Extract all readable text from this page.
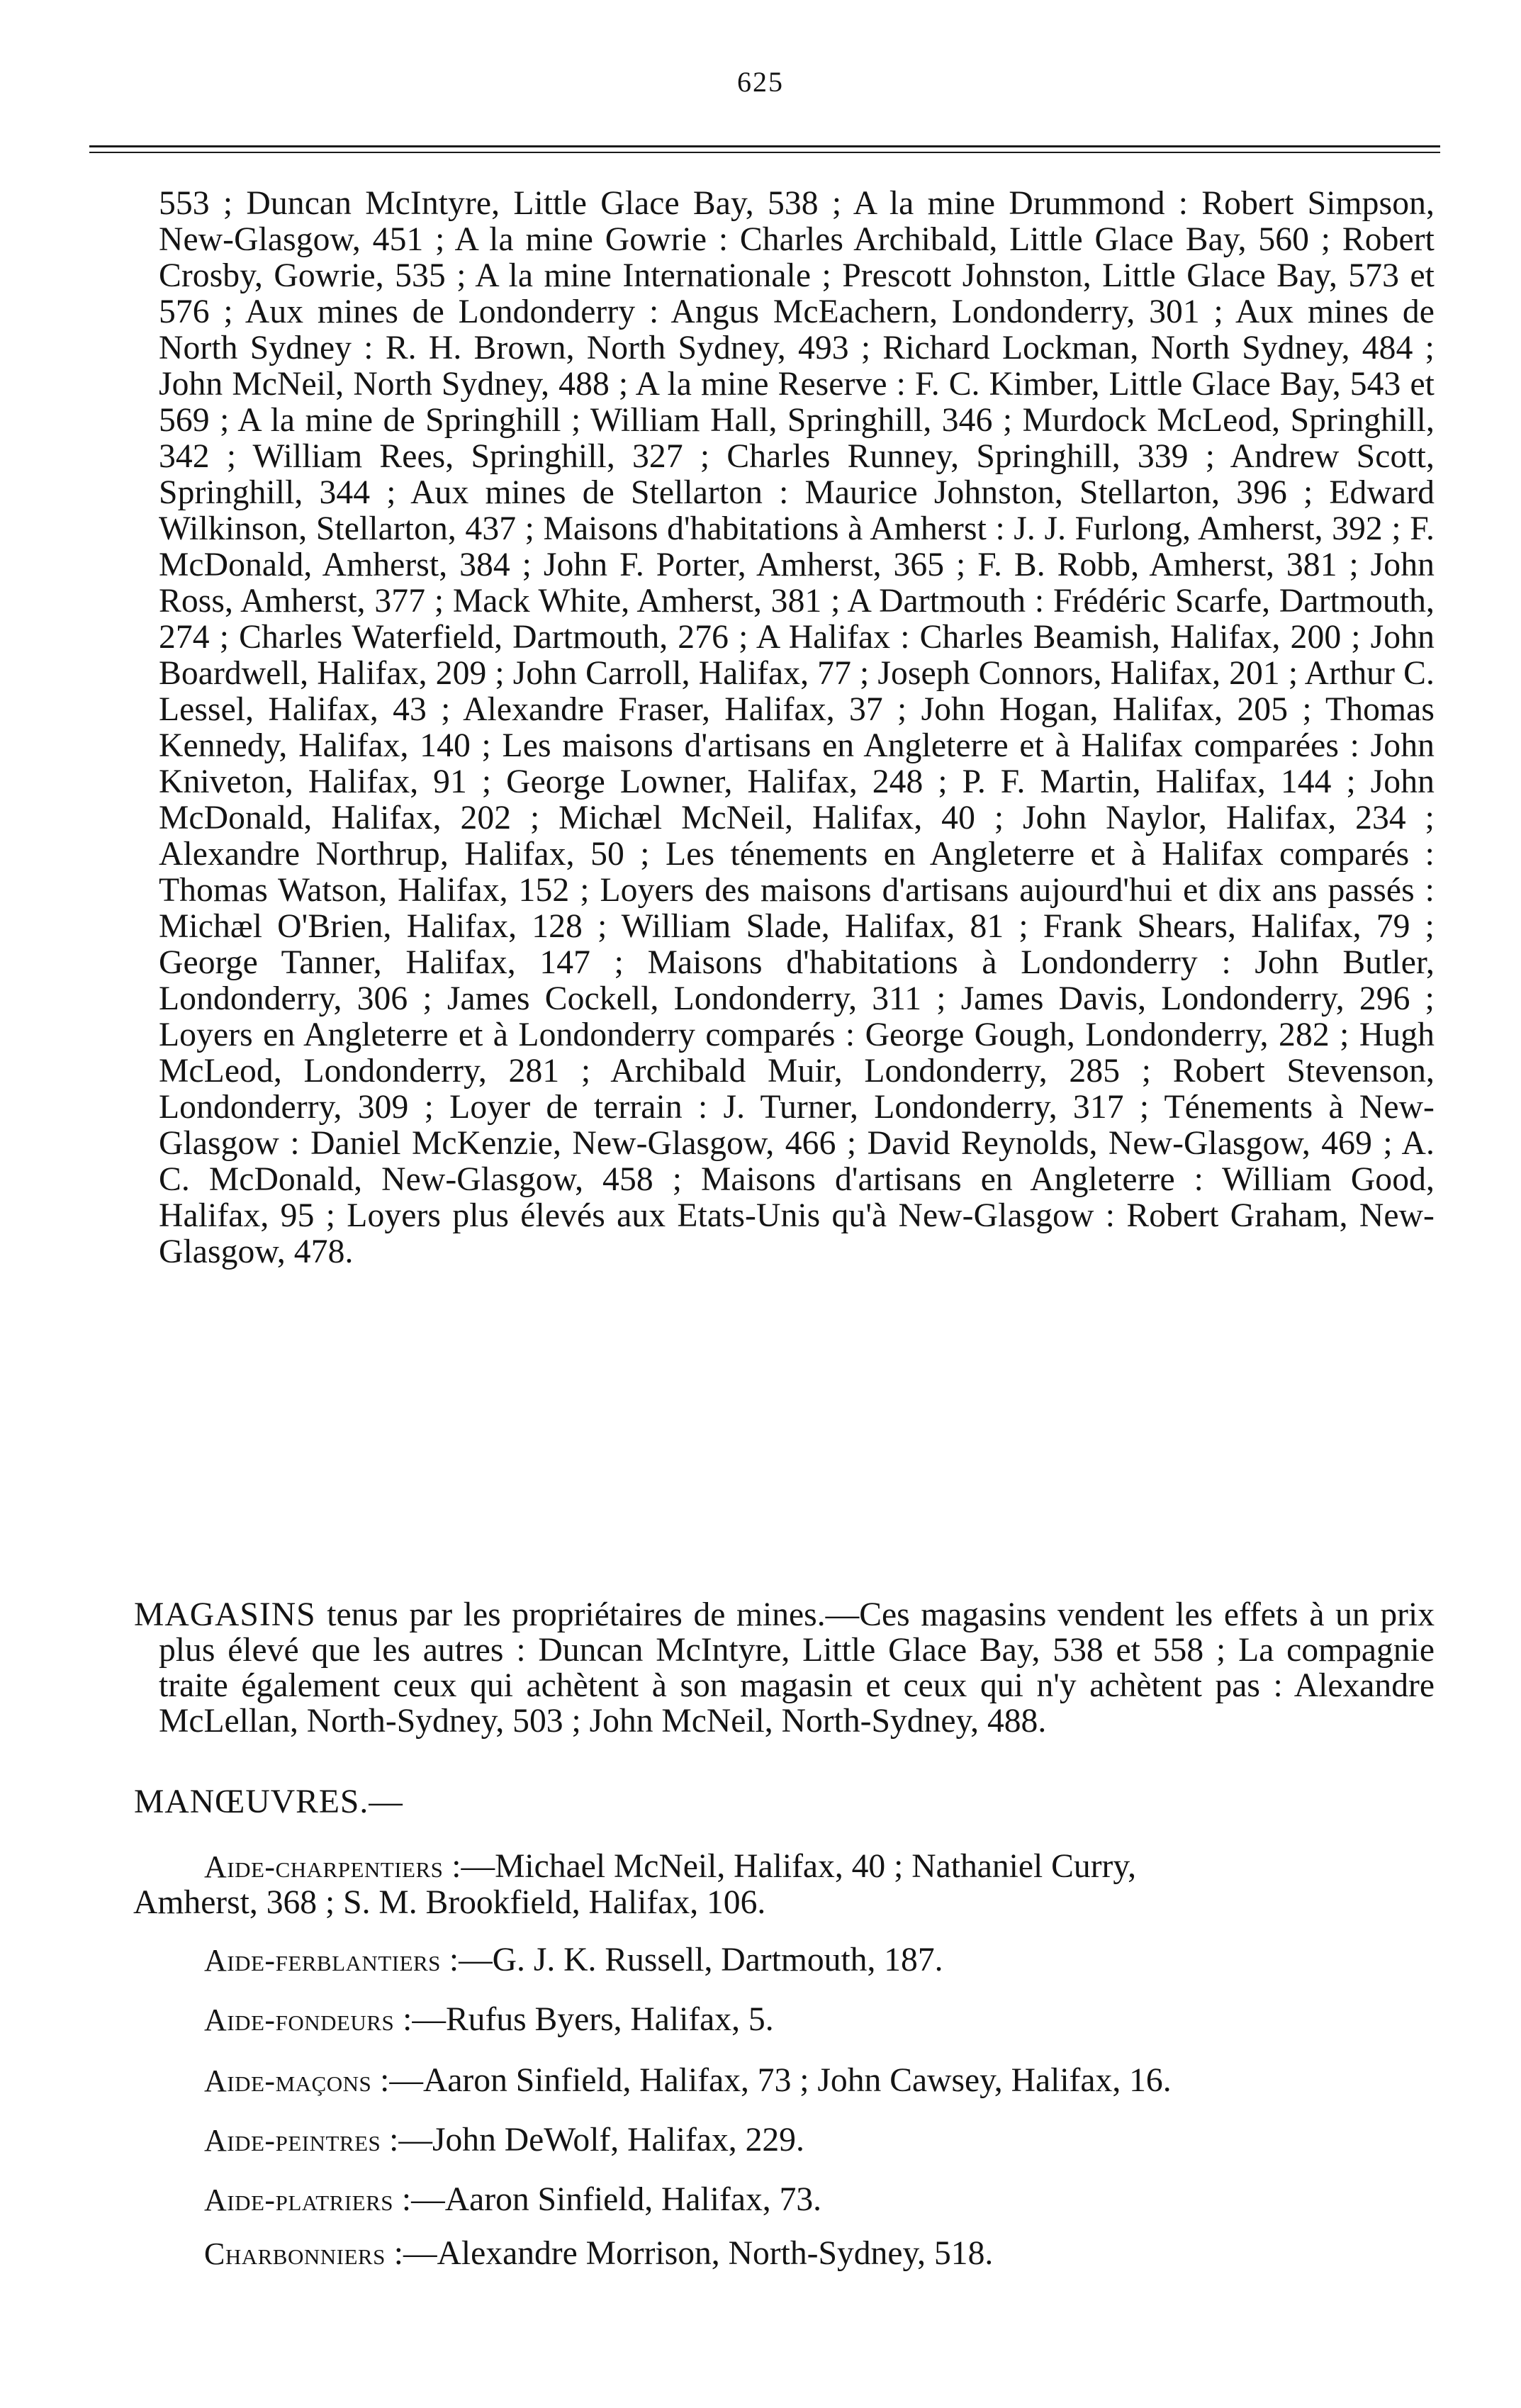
625

553 ; Duncan McIntyre, Little Glace Bay, 538 ; A la mine Drummond : Robert Simpson, New-Glasgow, 451 ; A la mine Gowrie : Charles Archibald, Little Glace Bay, 560 ; Robert Crosby, Gowrie, 535 ; A la mine Internationale ; Prescott Johnston, Little Glace Bay, 573 et 576 ; Aux mines de Londonderry : Angus McEachern, Londonderry, 301 ; Aux mines de North Sydney : R. H. Brown, North Sydney, 493 ; Richard Lockman, North Sydney, 484 ; John McNeil, North Sydney, 488 ; A la mine Reserve : F. C. Kimber, Little Glace Bay, 543 et 569 ; A la mine de Springhill ; William Hall, Springhill, 346 ; Murdock McLeod, Springhill, 342 ; William Rees, Springhill, 327 ; Charles Runney, Springhill, 339 ; Andrew Scott, Springhill, 344 ; Aux mines de Stellarton : Maurice Johnston, Stellarton, 396 ; Edward Wilkinson, Stellarton, 437 ; Maisons d'habitations à Amherst : J. J. Furlong, Amherst, 392 ; F. McDonald, Amherst, 384 ; John F. Porter, Amherst, 365 ; F. B. Robb, Amherst, 381 ; John Ross, Amherst, 377 ; Mack White, Amherst, 381 ; A Dartmouth : Frédéric Scarfe, Dartmouth, 274 ; Charles Waterfield, Dartmouth, 276 ; A Halifax : Charles Beamish, Halifax, 200 ; John Boardwell, Halifax, 209 ; John Carroll, Halifax, 77 ; Joseph Connors, Halifax, 201 ; Arthur C. Lessel, Halifax, 43 ; Alexandre Fraser, Halifax, 37 ; John Hogan, Halifax, 205 ; Thomas Kennedy, Halifax, 140 ; Les maisons d'artisans en Angleterre et à Halifax comparées : John Kniveton, Halifax, 91 ; George Lowner, Halifax, 248 ; P. F. Martin, Halifax, 144 ; John McDonald, Halifax, 202 ; Michæl McNeil, Halifax, 40 ; John Naylor, Halifax, 234 ; Alexandre Northrup, Halifax, 50 ; Les ténements en Angleterre et à Halifax comparés : Thomas Watson, Halifax, 152 ; Loyers des maisons d'artisans aujourd'hui et dix ans passés : Michæl O'Brien, Halifax, 128 ; William Slade, Halifax, 81 ; Frank Shears, Halifax, 79 ; George Tanner, Halifax, 147 ; Maisons d'habitations à Londonderry : John Butler, Londonderry, 306 ; James Cockell, Londonderry, 311 ; James Davis, Londonderry, 296 ; Loyers en Angleterre et à Londonderry comparés : George Gough, Londonderry, 282 ; Hugh McLeod, Londonderry, 281 ; Archibald Muir, Londonderry, 285 ; Robert Stevenson, Londonderry, 309 ; Loyer de terrain : J. Turner, Londonderry, 317 ; Ténements à New-Glasgow : Daniel McKenzie, New-Glasgow, 466 ; David Reynolds, New-Glasgow, 469 ; A. C. McDonald, New-Glasgow, 458 ; Maisons d'artisans en Angleterre : William Good, Halifax, 95 ; Loyers plus élevés aux Etats-Unis qu'à New-Glasgow : Robert Graham, New-Glasgow, 478.

MAGASINS tenus par les propriétaires de mines.—Ces magasins vendent les effets à un prix plus élevé que les autres : Duncan McIntyre, Little Glace Bay, 538 et 558 ; La compagnie traite également ceux qui achètent à son magasin et ceux qui n'y achètent pas : Alexandre McLellan, North-Sydney, 503 ; John McNeil, North-Sydney, 488.

MANŒUVRES.—

Aide-charpentiers :—Michael McNeil, Halifax, 40 ; Nathaniel Curry,
Amherst, 368 ; S. M. Brookfield, Halifax, 106.

Aide-ferblantiers :—G. J. K. Russell, Dartmouth, 187.

Aide-fondeurs :—Rufus Byers, Halifax, 5.

Aide-maçons :—Aaron Sinfield, Halifax, 73 ; John Cawsey, Halifax, 16.

Aide-peintres :—John DeWolf, Halifax, 229.

Aide-platriers :—Aaron Sinfield, Halifax, 73.

Charbonniers :—Alexandre Morrison, North-Sydney, 518.
